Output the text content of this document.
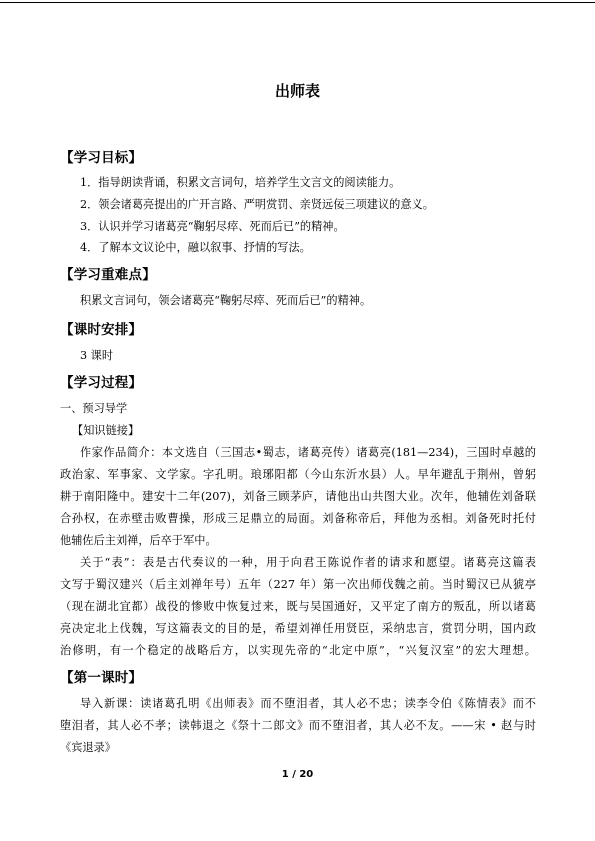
出师表
【学习目标】
1．指导朗读背诵，积累文言词句，培养学生文言文的阅读能力。
2．领会诸葛亮提出的广开言路、严明赏罚、亲贤远佞三项建议的意义。
3．认识并学习诸葛亮“鞠躬尽瘁、死而后已”的精神。
4．了解本文议论中，融以叙事、抒情的写法。
【学习重难点】
积累文言词句，领会诸葛亮“鞠躬尽瘁、死而后已”的精神。
【课时安排】
3 课时
【学习过程】
一、预习导学
【知识链接】
作家作品简介：本文选自（三国志•蜀志，诸葛亮传）诸葛亮(181—234)，三国时卓越的
政治家、军事家、文学家。字孔明。琅琊阳都（今山东沂水县）人。早年避乱于荆州，曾躬
耕于南阳隆中。建安十二年(207)，刘备三顾茅庐，请他出山共图大业。次年，他辅佐刘备联
合孙权，在赤壁击败曹操，形成三足鼎立的局面。刘备称帝后，拜他为丞相。刘备死时托付
他辅佐后主刘禅，后卒于军中。
关于“表”：表是古代奏议的一种，用于向君王陈说作者的请求和愿望。诸葛亮这篇表
文写于蜀汉建兴（后主刘禅年号）五年（227 年）第一次出师伐魏之前。当时蜀汉已从猇亭
（现在湖北宜都）战役的惨败中恢复过来，既与吴国通好，又平定了南方的叛乱，所以诸葛
亮决定北上伐魏，写这篇表文的目的是，希望刘禅任用贤臣，采纳忠言，赏罚分明，国内政
治修明，有一个稳定的战略后方，以实现先帝的“北定中原”，“兴复汉室”的宏大理想。
【第一课时】
导入新课：读诸葛孔明《出师表》而不堕泪者，其人必不忠；读李令伯《陈情表》而不
堕泪者，其人必不孝；读韩退之《祭十二郎文》而不堕泪者，其人必不友。——宋 • 赵与时
《宾退录》
1 / 20
